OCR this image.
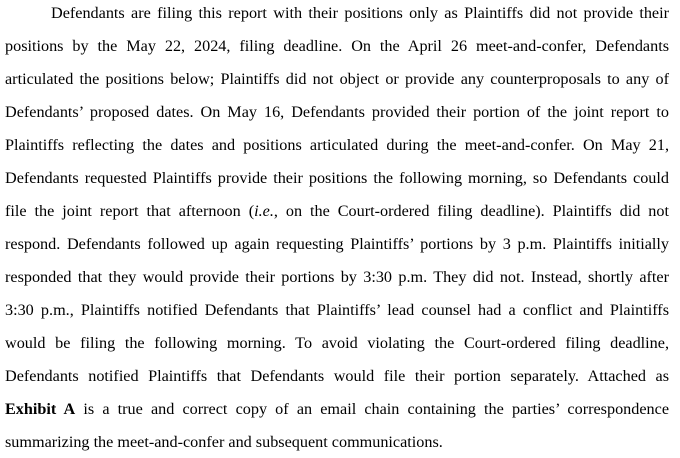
Defendants are filing this report with their positions only as Plaintiffs did not provide their
positions by the May 22, 2024, filing deadline. On the April 26 meet-and-confer, Defendants
articulated the positions below; Plaintiffs did not object or provide any counterproposals to any of
Defendants’ proposed dates. On May 16, Defendants provided their portion of the joint report to
Plaintiffs reflecting the dates and positions articulated during the meet-and-confer. On May 21,
Defendants requested Plaintiffs provide their positions the following morning, so Defendants could
file the joint report that afternoon (i.e., on the Court-ordered filing deadline). Plaintiffs did not
respond. Defendants followed up again requesting Plaintiffs’ portions by 3 p.m. Plaintiffs initially
responded that they would provide their portions by 3:30 p.m. They did not. Instead, shortly after
3:30 p.m., Plaintiffs notified Defendants that Plaintiffs’ lead counsel had a conflict and Plaintiffs
would be filing the following morning. To avoid violating the Court-ordered filing deadline,
Defendants notified Plaintiffs that Defendants would file their portion separately. Attached as
Exhibit A is a true and correct copy of an email chain containing the parties’ correspondence
summarizing the meet-and-confer and subsequent communications.
